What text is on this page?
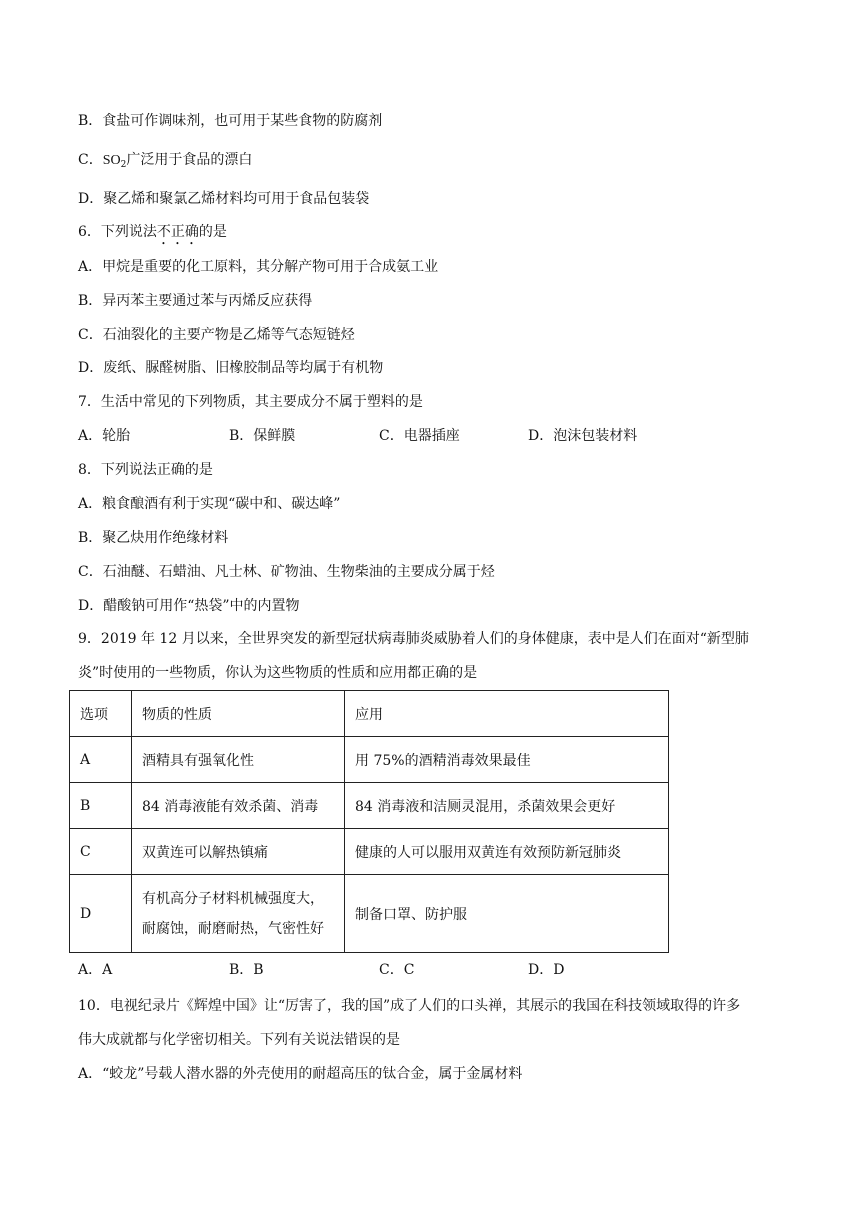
B．食盐可作调味剂，也可用于某些食物的防腐剂
C．$SO_2$广泛用于食品的漂白
D．聚乙烯和聚氯乙烯材料均可用于食品包装袋
6．下列说法不正确的是
A．甲烷是重要的化工原料，其分解产物可用于合成氨工业
B．异丙苯主要通过苯与丙烯反应获得
C．石油裂化的主要产物是乙烯等气态短链烃
D．废纸、脲醛树脂、旧橡胶制品等均属于有机物
7．生活中常见的下列物质，其主要成分不属于塑料的是
A．轮胎	B．保鲜膜	C．电器插座	D．泡沫包装材料
8．下列说法正确的是
A．粮食酿酒有利于实现“碳中和、碳达峰”
B．聚乙炔用作绝缘材料
C．石油醚、石蜡油、凡士林、矿物油、生物柴油的主要成分属于烃
D．醋酸钠可用作“热袋”中的内置物
9．2019 年 12 月以来，全世界突发的新型冠状病毒肺炎威胁着人们的身体健康，表中是人们在面对“新型肺
炎”时使用的一些物质，你认为这些物质的性质和应用都正确的是
选项	物质的性质	应用
A	酒精具有强氧化性	用 75%的酒精消毒效果最佳
B	84 消毒液能有效杀菌、消毒	84 消毒液和洁厕灵混用，杀菌效果会更好
C	双黄连可以解热镇痛	健康的人可以服用双黄连有效预防新冠肺炎
D	有机高分子材料机械强度大，耐腐蚀，耐磨耐热，气密性好	制备口罩、防护服
A．A	B．B	C．C	D．D
10．电视纪录片《辉煌中国》让“厉害了，我的国”成了人们的口头禅，其展示的我国在科技领域取得的许多
伟大成就都与化学密切相关。下列有关说法错误的是
A．“蛟龙”号载人潜水器的外壳使用的耐超高压的钛合金，属于金属材料
